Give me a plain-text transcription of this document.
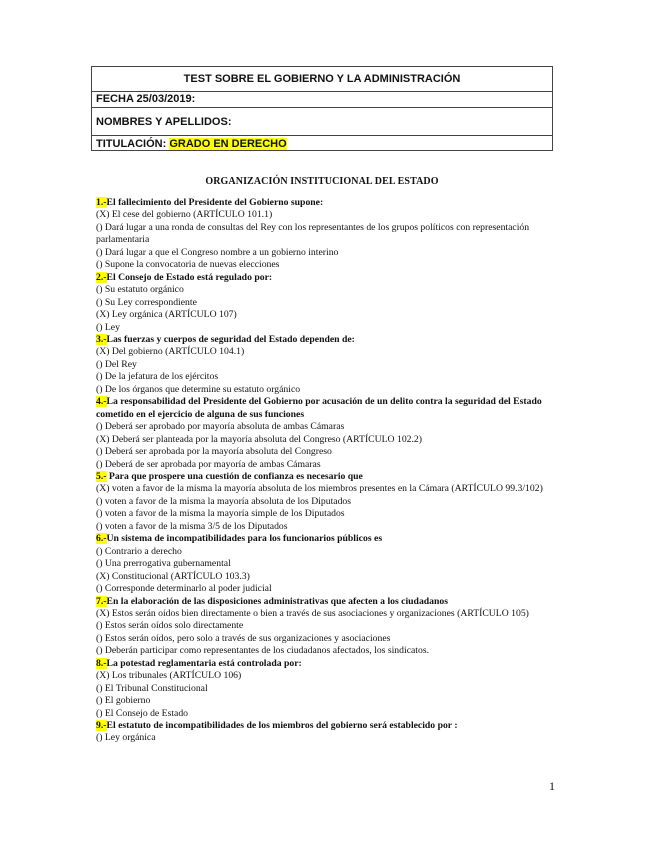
TEST SOBRE EL GOBIERNO Y LA ADMINISTRACIÓN
FECHA 25/03/2019:
NOMBRES Y APELLIDOS:
TITULACIÓN: GRADO EN DERECHO
ORGANIZACIÓN INSTITUCIONAL DEL ESTADO
1.-El fallecimiento del Presidente del Gobierno supone:
(X) El cese del gobierno (ARTÍCULO 101.1)
() Dará lugar a una ronda de consultas del Rey con los representantes de los grupos políticos con representación parlamentaria
() Dará lugar a que el Congreso nombre a un gobierno interino
() Supone la convocatoria de nuevas elecciones
2.-El Consejo de Estado está regulado por:
() Su estatuto orgánico
() Su Ley correspondiente
(X) Ley orgánica (ARTÍCULO 107)
() Ley
3.-Las fuerzas y cuerpos de seguridad del Estado dependen de:
(X) Del gobierno (ARTÍCULO 104.1)
() Del Rey
() De la jefatura de los ejércitos
() De los órganos que determine su estatuto orgánico
4.-La responsabilidad del Presidente del Gobierno por acusación de un delito contra la seguridad del Estado cometido en el ejercicio de alguna de sus funciones
() Deberá ser aprobado por mayoría absoluta de ambas Cámaras
(X) Deberá ser planteada por la mayoría absoluta del Congreso (ARTÍCULO 102.2)
() Deberá ser aprobada por la mayoría absoluta del Congreso
() Deberá de ser aprobada por mayoría de ambas Cámaras
5.- Para que prospere una cuestión de confianza es necesario que
(X) voten a favor de la misma la mayoría absoluta de los miembros presentes en la Cámara (ARTÍCULO 99.3/102)
() voten a favor de la misma la mayoría absoluta de los Diputados
() voten a favor de la misma la mayoría simple de los Diputados
() voten a favor de la misma 3/5 de los Diputados
6.-Un sistema de incompatibilidades para los funcionarios públicos es
() Contrario a derecho
() Una prerrogativa gubernamental
(X) Constitucional (ARTÍCULO 103.3)
() Corresponde determinarlo al poder judicial
7.-En la elaboración de las disposiciones administrativas que afecten a los ciudadanos
(X) Estos serán oídos bien directamente o bien a través de sus asociaciones y organizaciones (ARTÍCULO 105)
() Estos serán oídos solo directamente
() Estos serán oídos, pero solo a través de sus organizaciones y asociaciones
() Deberán participar como representantes de los ciudadanos afectados, los sindicatos.
8.-La potestad reglamentaria está controlada por:
(X) Los tribunales (ARTÍCULO 106)
() El Tribunal Constitucional
() El gobierno
() El Consejo de Estado
9.-El estatuto de incompatibilidades de los miembros del gobierno será establecido por :
() Ley orgánica
1
